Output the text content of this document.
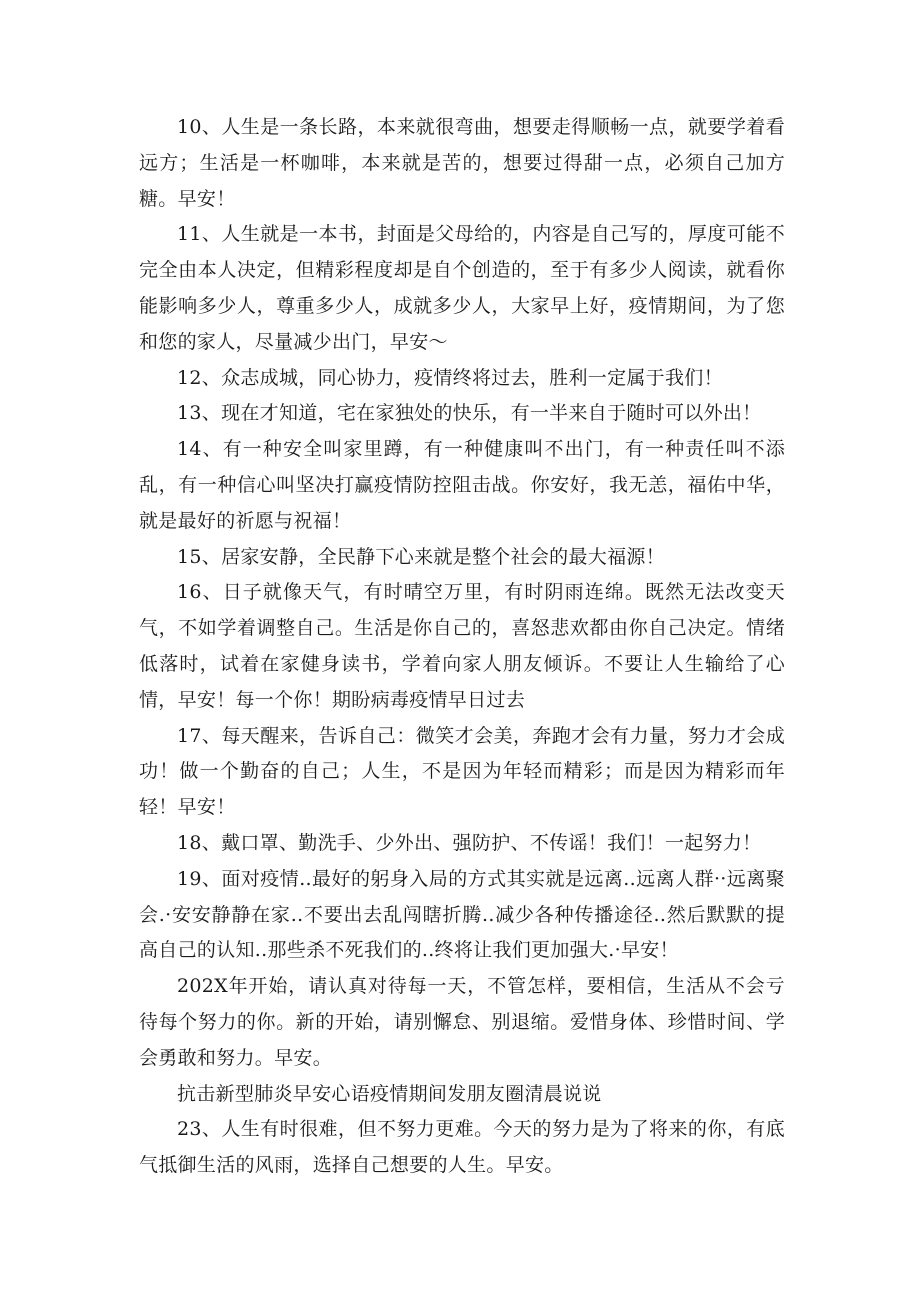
10、人生是一条长路，本来就很弯曲，想要走得顺畅一点，就要学着看远方；生活是一杯咖啡，本来就是苦的，想要过得甜一点，必须自己加方糖。早安！

11、人生就是一本书，封面是父母给的，内容是自己写的，厚度可能不完全由本人决定，但精彩程度却是自个创造的，至于有多少人阅读，就看你能影响多少人，尊重多少人，成就多少人，大家早上好，疫情期间，为了您和您的家人，尽量减少出门，早安～

12、众志成城，同心协力，疫情终将过去，胜利一定属于我们！

13、现在才知道，宅在家独处的快乐，有一半来自于随时可以外出！

14、有一种安全叫家里蹲，有一种健康叫不出门，有一种责任叫不添乱，有一种信心叫坚决打赢疫情防控阻击战。你安好，我无恙，福佑中华，就是最好的祈愿与祝福！

15、居家安静，全民静下心来就是整个社会的最大福源！

16、日子就像天气，有时晴空万里，有时阴雨连绵。既然无法改变天气，不如学着调整自己。生活是你自己的，喜怒悲欢都由你自己决定。情绪低落时，试着在家健身读书，学着向家人朋友倾诉。不要让人生输给了心情，早安！每一个你！期盼病毒疫情早日过去

17、每天醒来，告诉自己：微笑才会美，奔跑才会有力量，努力才会成功！做一个勤奋的自己；人生，不是因为年轻而精彩；而是因为精彩而年轻！早安！

18、戴口罩、勤洗手、少外出、强防护、不传谣！我们！一起努力！

19、面对疫情..最好的躬身入局的方式其实就是远离..远离人群··远离聚会.·安安静静在家..不要出去乱闯瞎折腾..减少各种传播途径..然后默默的提高自己的认知..那些杀不死我们的..终将让我们更加强大.·早安！

202X年开始，请认真对待每一天，不管怎样，要相信，生活从不会亏待每个努力的你。新的开始，请别懈怠、别退缩。爱惜身体、珍惜时间、学会勇敢和努力。早安。

抗击新型肺炎早安心语疫情期间发朋友圈清晨说说

23、人生有时很难，但不努力更难。今天的努力是为了将来的你，有底气抵御生活的风雨，选择自己想要的人生。早安。
